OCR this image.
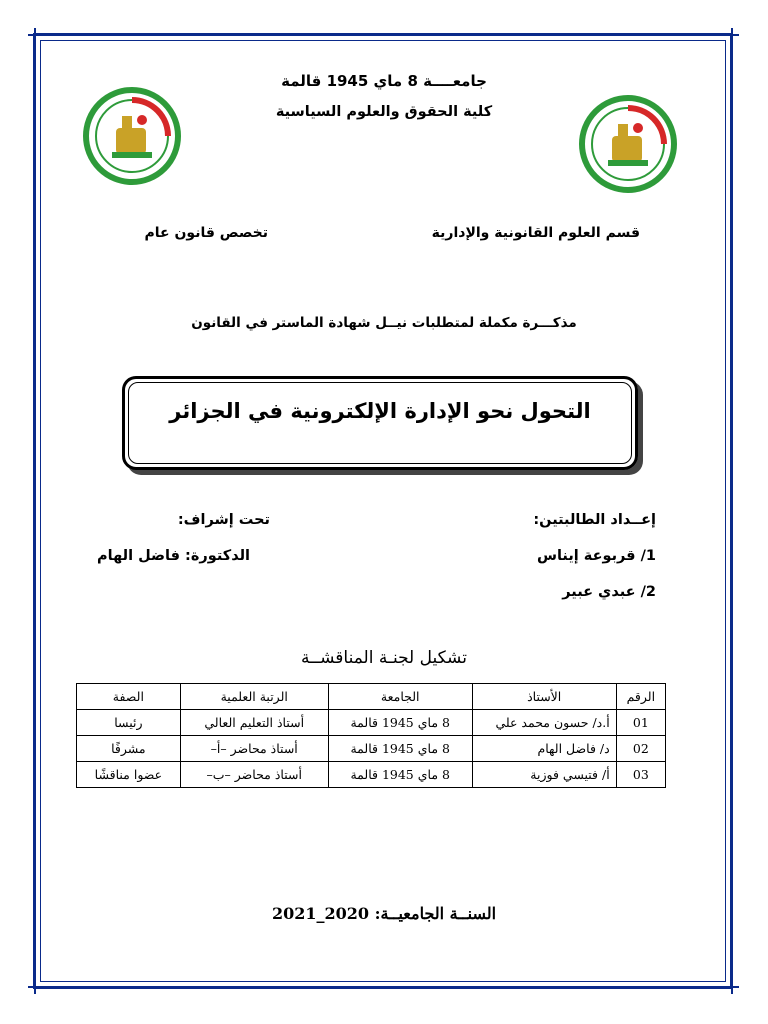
جامعــــة 8 ماي 1945 قالمة
كلية الحقوق والعلوم السياسية
قسم العلوم القانونية والإدارية
تخصص قانون عام
مذكـــرة مكملة لمتطلبات نيــل شهادة الماستر في القانون
التحول نحو الإدارة الإلكترونية في الجزائر
إعــداد الطالبتين:
1/ قربوعة إيناس
2/ عبدي عبير
تحت إشراف:
الدكتورة: فاضل الهام
تشكيل لجنـة المناقشــة
الرقم	الأستاذ	الجامعة	الرتبة العلمية	الصفة
01	أ.د/ حسون محمد علي	8 ماي 1945 قالمة	أستاذ التعليم العالي	رئيسا
02	د/ فاضل الهام	8 ماي 1945 قالمة	أستاذ محاضر –أ–	مشرفًا
03	أ/ فتيسي فوزية	8 ماي 1945 قالمة	أستاذ محاضر –ب–	عضوا مناقشًا
السنــة الجامعيــة: 2020_2021
